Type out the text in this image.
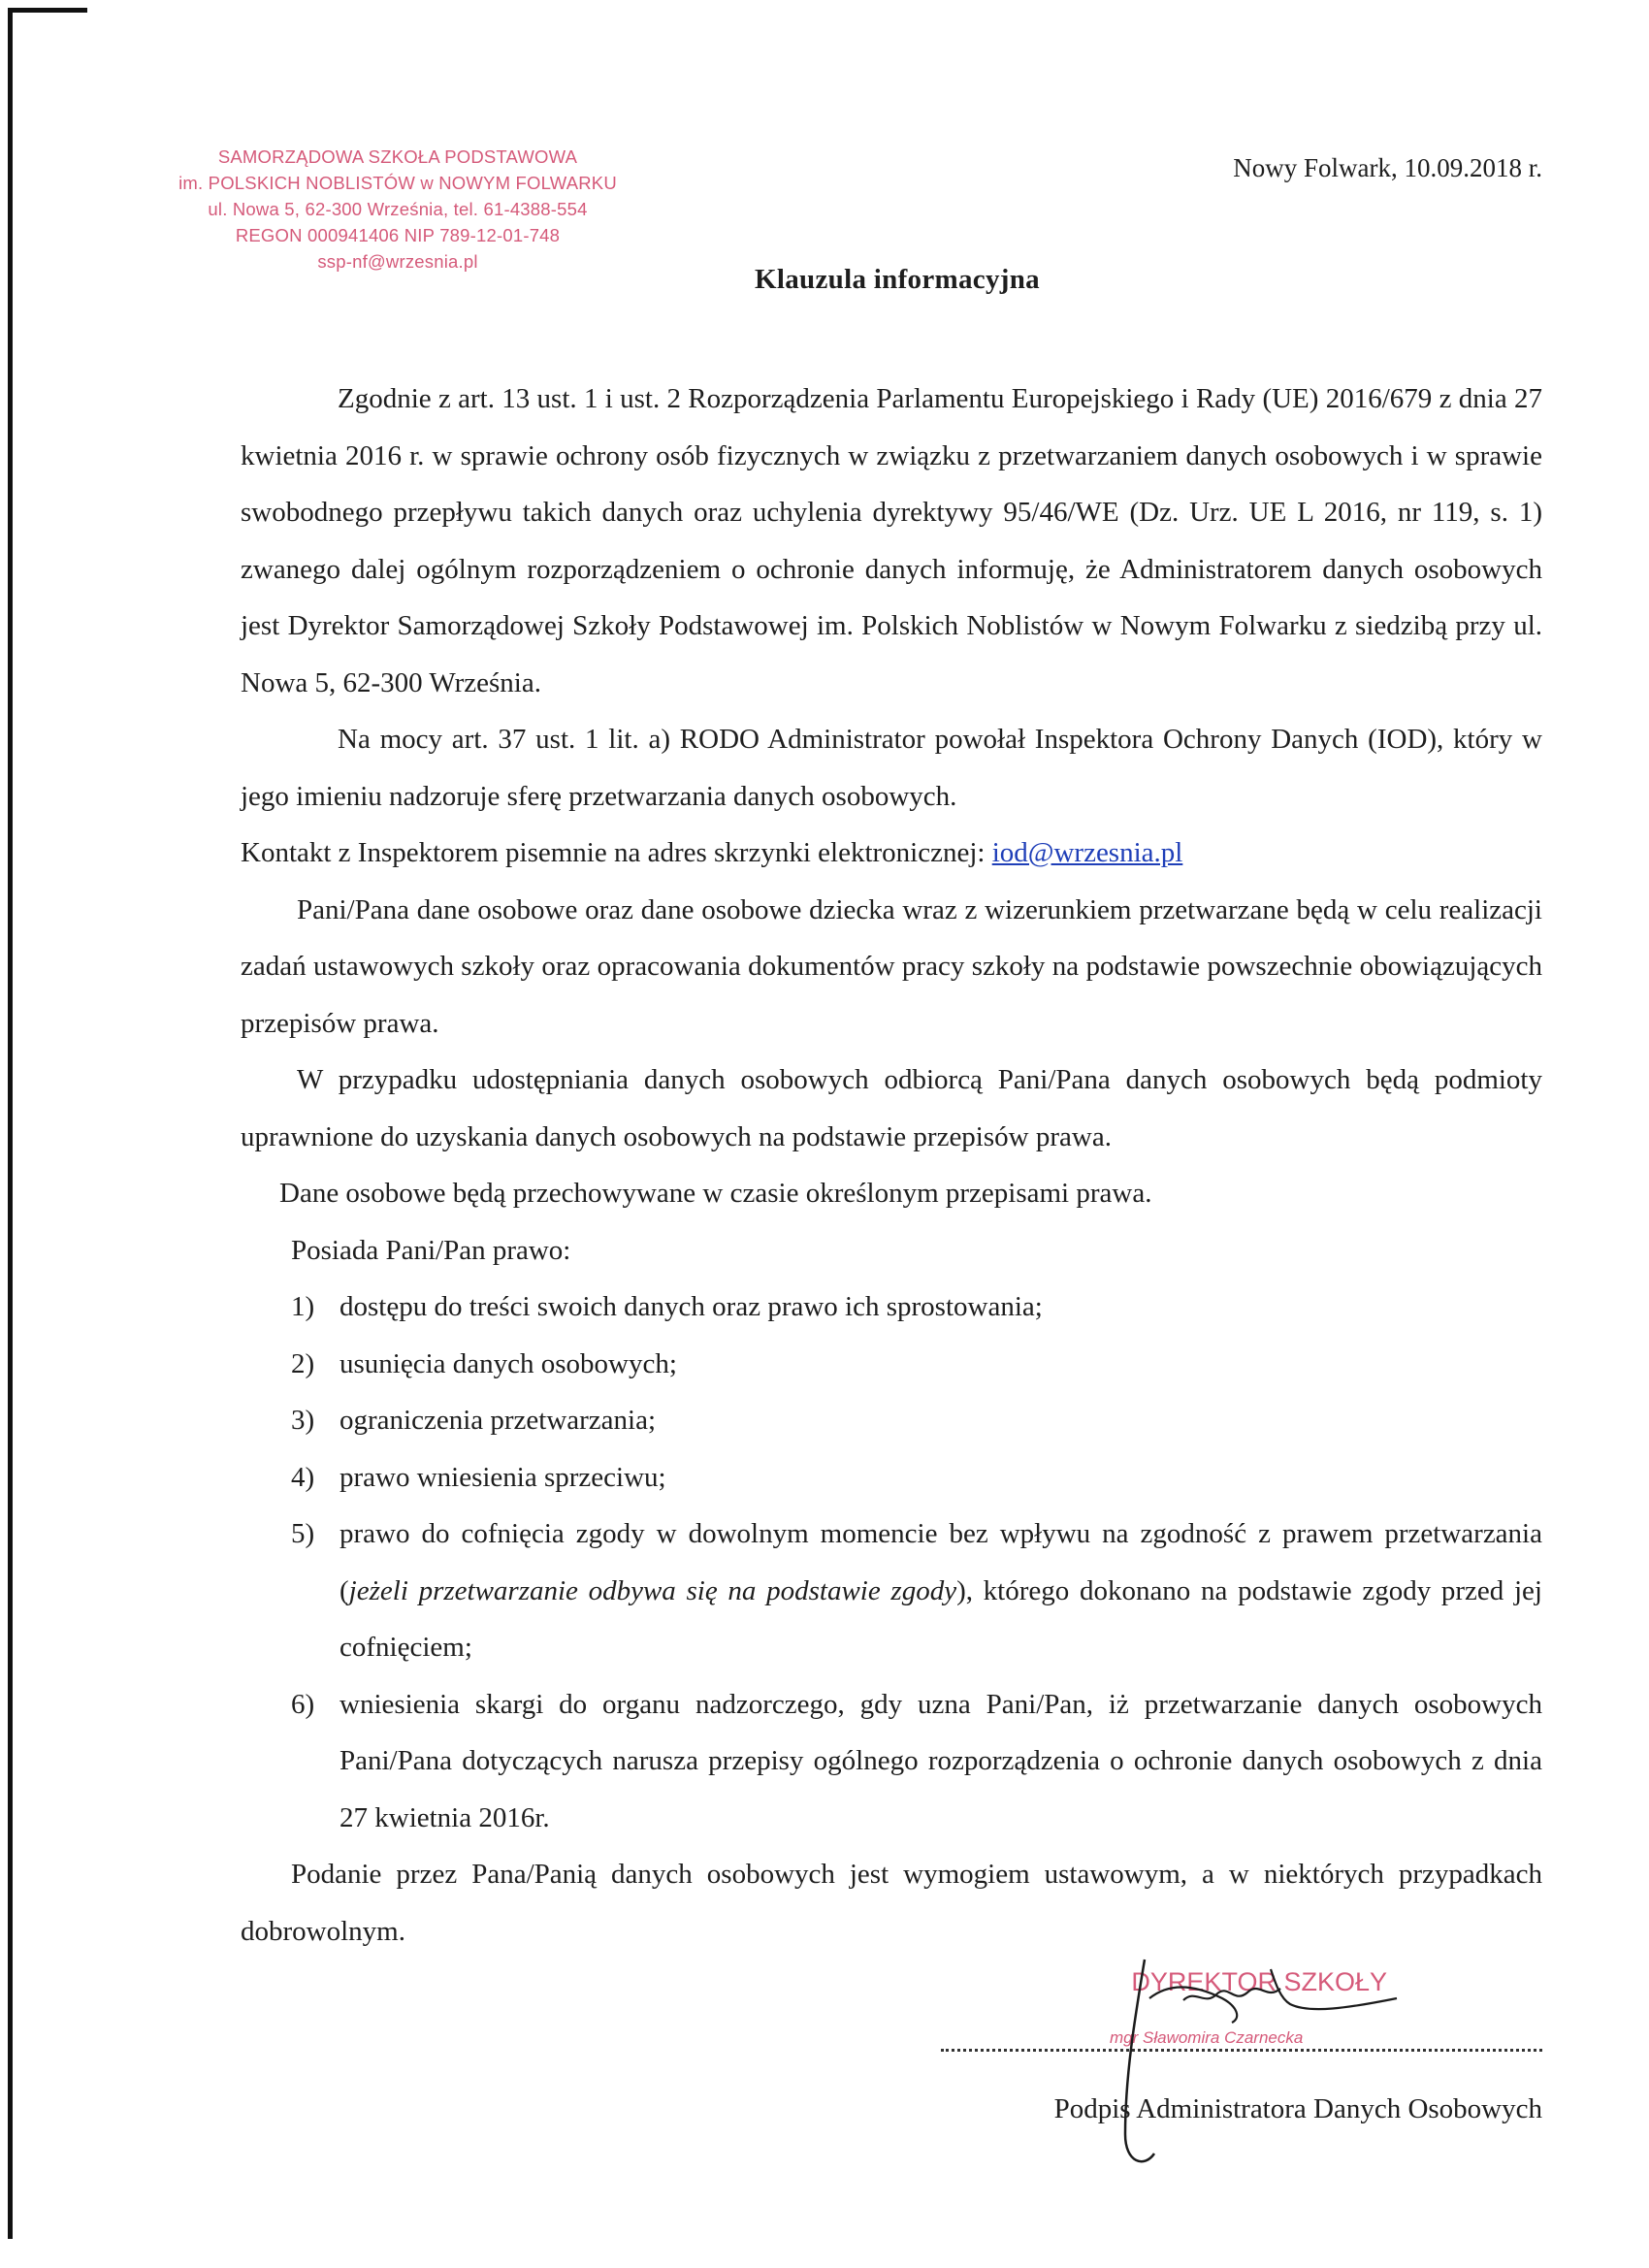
SAMORZĄDOWA SZKOŁA PODSTAWOWA
im. POLSKICH NOBLISTÓW w NOWYM FOLWARKU
ul. Nowa 5, 62-300 Września, tel. 61-4388-554
REGON 000941406 NIP 789-12-01-748
ssp-nf@wrzesnia.pl
Nowy Folwark, 10.09.2018 r.
Klauzula informacyjna

Zgodnie z art. 13 ust. 1 i ust. 2 Rozporządzenia Parlamentu Europejskiego i Rady (UE) 2016/679 z dnia 27 kwietnia 2016 r. w sprawie ochrony osób fizycznych w związku z przetwarzaniem danych osobowych i w sprawie swobodnego przepływu takich danych oraz uchylenia dyrektywy 95/46/WE (Dz. Urz. UE L 2016, nr 119, s. 1) zwanego dalej ogólnym rozporządzeniem o ochronie danych informuję, że Administratorem danych osobowych jest Dyrektor Samorządowej Szkoły Podstawowej im. Polskich Noblistów w Nowym Folwarku z siedzibą przy ul. Nowa 5, 62-300 Września.

Na mocy art. 37 ust. 1 lit. a) RODO Administrator powołał Inspektora Ochrony Danych (IOD), który w jego imieniu nadzoruje sferę przetwarzania danych osobowych.

Kontakt z Inspektorem pisemnie na adres skrzynki elektronicznej: iod@wrzesnia.pl

Pani/Pana dane osobowe oraz dane osobowe dziecka wraz z wizerunkiem przetwarzane będą w celu realizacji zadań ustawowych szkoły oraz opracowania dokumentów pracy szkoły na podstawie powszechnie obowiązujących przepisów prawa.

W przypadku udostępniania danych osobowych odbiorcą Pani/Pana danych osobowych będą podmioty uprawnione do uzyskania danych osobowych na podstawie przepisów prawa.

Dane osobowe będą przechowywane w czasie określonym przepisami prawa.

Posiada Pani/Pan prawo:

1) dostępu do treści swoich danych oraz prawo ich sprostowania;
2) usunięcia danych osobowych;
3) ograniczenia przetwarzania;
4) prawo wniesienia sprzeciwu;
5) prawo do cofnięcia zgody w dowolnym momencie bez wpływu na zgodność z prawem przetwarzania (jeżeli przetwarzanie odbywa się na podstawie zgody), którego dokonano na podstawie zgody przed jej cofnięciem;
6) wniesienia skargi do organu nadzorczego, gdy uzna Pani/Pan, iż przetwarzanie danych osobowych Pani/Pana dotyczących narusza przepisy ogólnego rozporządzenia o ochronie danych osobowych z dnia 27 kwietnia 2016r.

Podanie przez Pana/Panią danych osobowych jest wymogiem ustawowym, a w niektórych przypadkach dobrowolnym.

DYREKTOR SZKOŁY
mgr Sławomira Czarnecka
Podpis Administratora Danych Osobowych
